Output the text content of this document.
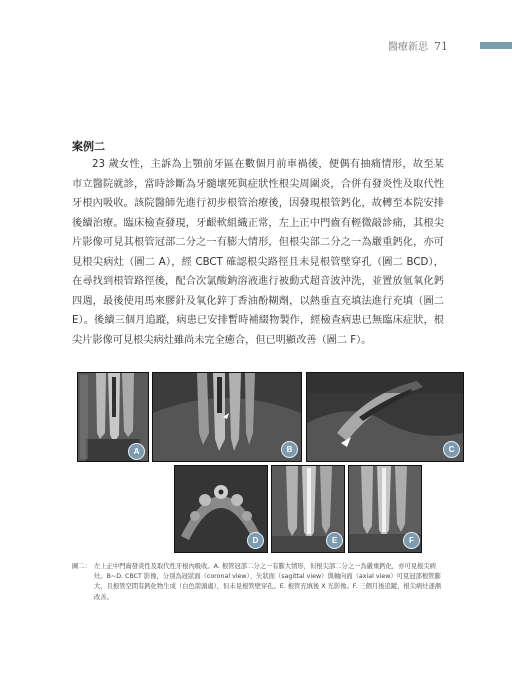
醫療新思 71
案例二

23 歲女性，主訴為上顎前牙區在數個月前車禍後，便偶有抽痛情形，故至某市立醫院就診，當時診斷為牙髓壞死與症狀性根尖周圍炎，合併有發炎性及取代性牙根內吸收。該院醫師先進行初步根管治療後，因發現根管鈣化，故轉至本院安排後續治療。臨床檢查發現，牙齦軟組織正常，左上正中門齒有輕微敲診痛，其根尖片影像可見其根管冠部二分之一有膨大情形，但根尖部二分之一為嚴重鈣化，亦可見根尖病灶（圖二 A），經 CBCT 確認根尖路徑且未見根管壁穿孔（圖二 BCD），在尋找到根管路徑後，配合次氯酸鈉溶液進行被動式超音波沖洗，並置放氫氧化鈣四週，最後使用馬來膠針及氧化鋅丁香油酚糊劑，以熱垂直充填法進行充填（圖二 E）。後續三個月追蹤，病患已安排暫時補綴物製作，經檢查病患已無臨床症狀，根尖片影像可見根尖病灶雖尚未完全癒合，但已明顯改善（圖二 F）。

A	B	C
D	E	F
圖二： 左上正中門齒發炎性及取代性牙根內吸收。A. 根管冠部二分之一有膨大情形，但根尖部二分之一為嚴重鈣化，亦可見根尖病灶。B~D. CBCT 影像，分別為冠狀面（coronal view）、矢狀面（sagittal view）與軸向面（axial view）可見冠部根管膨大，且根管空間有鈣化物生成（白色箭頭處），但未見根管壁穿孔。E. 根管充填後 X 光影像。F. 三個月後追蹤，根尖病灶逐漸改善。
